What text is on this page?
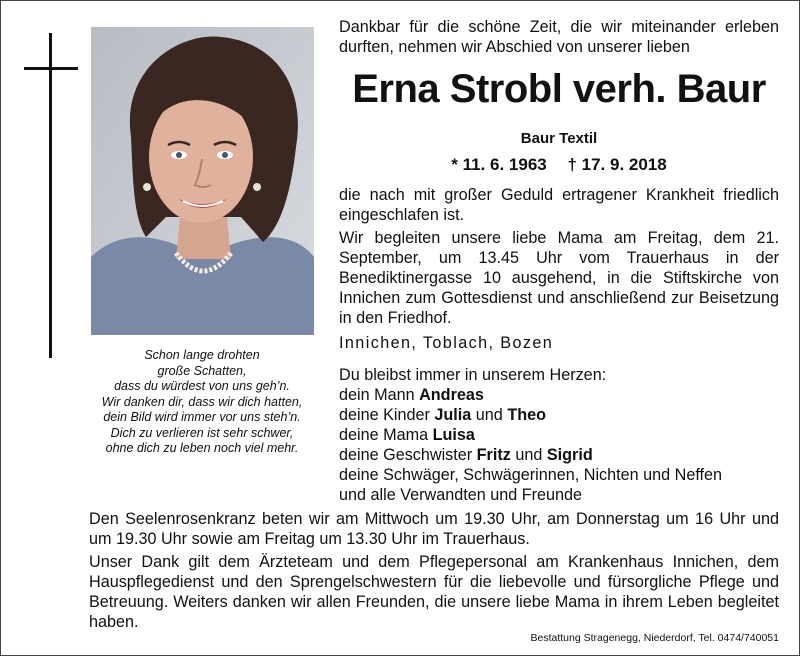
Schon lange drohten
große Schatten,
dass du würdest von uns geh’n.
Wir danken dir, dass wir dich hatten,
dein Bild wird immer vor uns steh’n.
Dich zu verlieren ist sehr schwer,
ohne dich zu leben noch viel mehr.
Dankbar für die schöne Zeit, die wir miteinander erleben durften, nehmen wir Abschied von unserer lieben
Erna Strobl verh. Baur
Baur Textil
* 11. 6. 1963 † 17. 9. 2018
die nach mit großer Geduld ertragener Krankheit friedlich eingeschlafen ist.
Wir begleiten unsere liebe Mama am Freitag, dem 21. September, um 13.45 Uhr vom Trauerhaus in der Benediktinergasse 10 ausgehend, in die Stiftskirche von Innichen zum Gottesdienst und anschließend zur Beisetzung in den Friedhof.
Innichen, Toblach, Bozen
Du bleibst immer in unserem Herzen:
dein Mann Andreas
deine Kinder Julia und Theo
deine Mama Luisa
deine Geschwister Fritz und Sigrid
deine Schwäger, Schwägerinnen, Nichten und Neffen
und alle Verwandten und Freunde
Den Seelenrosenkranz beten wir am Mittwoch um 19.30 Uhr, am Donnerstag um 16 Uhr und um 19.30 Uhr sowie am Freitag um 13.30 Uhr im Trauerhaus.
Unser Dank gilt dem Ärzteteam und dem Pflegepersonal am Krankenhaus Innichen, dem Hauspflegedienst und den Sprengelschwestern für die liebevolle und fürsorgliche Pflege und Betreuung. Weiters danken wir allen Freunden, die unsere liebe Mama in ihrem Leben begleitet haben.
Bestattung Stragenegg, Niederdorf, Tel. 0474/740051
